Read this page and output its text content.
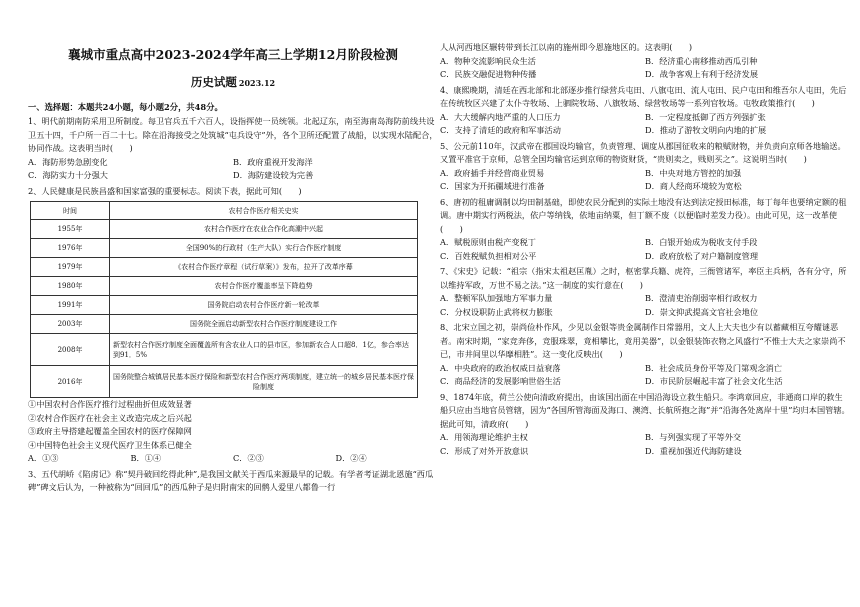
襄城市重点高中2023-2024学年高三上学期12月阶段检测
历史试题 2023.12
一、选择题：本题共24小题，每小题2分，共48分。

1、明代前期南防采用卫所制度。每卫官兵五千六百人，设指挥使一员统领。北起辽东，南至海南岛海防前线共设卫五十四，千户所一百二十七。除在沿海接受之处筑城“屯兵设守”外，各个卫所还配置了战船，以实现水陆配合，协同作战。这表明当时(　　)

A．海防形势急剧变化	B．政府重视开发海洋
C．海防实力十分强大	D．海防建设较为完善

2、人民健康是民族昌盛和国家富强的重要标志。阅读下表，据此可知(　　)

时间	农村合作医疗相关史实
1955年	农村合作医疗在农业合作化高潮中兴起
1976年	全国90%的行政村（生产大队）实行合作医疗制度
1979年	《农村合作医疗章程（试行草案）》发布，拉开了改革序幕
1980年	农村合作医疗覆盖率呈下降趋势
1991年	国务院启动农村合作医疗新一轮改革
2003年	国务院全面启动新型农村合作医疗制度建设工作
2008年	新型农村合作医疗制度全面覆盖所有含农业人口的县市区，参加新农合人口超8．1亿，参合率达到91．5%
2016年	国务院整合城镇居民基本医疗保险和新型农村合作医疗两项制度，建立统一的城乡居民基本医疗保险制度
①中国农村合作医疗推行过程曲折但成效显著
②农村合作医疗在社会主义改造完成之后兴起
③政府主导搭建起覆盖全国农村的医疗保障网
④中国特色社会主义现代医疗卫生体系已健全
A．①③	B．①④	C．②③	D．②④

3、五代胡峤《陷虏记》称“契丹破回纥得此种”,是我国文献关于西瓜来源最早的记载。有学者考证湖北恩施“西瓜碑”碑文后认为，一种被称为“回回瓜”的西瓜种子是归附南宋的回鹘人爱里八都鲁一行

人从河西地区辗转带到长江以南的施州即今恩施地区的。这表明(　　)

A．物种交流影响民众生活	B．经济重心南移推动西瓜引种
C．民族交融促进物种传播	D．战争客观上有利于经济发展

4、康熙晚期，清廷在西北部和北部逐步推行绿营兵屯田、八旗屯田、流人屯田、民户屯田和维吾尔人屯田，先后在传统牧区兴建了太仆寺牧场、上驷院牧场、八旗牧场、绿营牧场等一系列官牧场。屯牧政策推行(　　)

A．大大缓解内地严重的人口压力	B．一定程度抵御了西方列强扩张
C．支持了清廷的政府和军事活动	D．推动了游牧文明向内地的扩展

5、公元前110年，汉武帝在郡国设均输官，负责管理、调度从郡国征收来的粮赋财物，并负责向京师各地输送。又置平准官于京师，总管全国均输官运到京师的物资财货，“贵则卖之，贱则买之”。这说明当时(　　)

A．政府插手并经营商业贸易	B．中央对地方管控的加强
C．国家为开拓疆域进行准备	D．商人经商环境较为宽松

6、唐初的租庸调制以均田制基础，即使农民分配到的实际土地没有达到法定授田标准，每丁每年也要纳定额的租调。唐中期实行两税法，依户等纳钱，依地亩纳粟，但丁额不废（以便临时差发力役）。由此可见，这一改革使(　　)

A．赋税原则由税产变税丁	B．白银开始成为税收支付手段
C．百姓税赋负担相对公平	D．政府放松了对户籍制度管理

7、《宋史》记载：“祖宗（指宋太祖赵匡胤）之时，枢密掌兵籍、虎符，三衙管诸军，率臣主兵柄，各有分守，所以维持军政，万世不易之法。”这一制度的实行意在(　　)

A．整顿军队加强地方军事力量	B．澄清吏治削弱宰相行政权力
C．分权设职防止武将权力膨胀	D．崇文抑武提高文官社会地位

8、北宋立国之初，崇尚俭朴作风，少见以金银等贵金属制作日常器用，文人上大夫也少有以蓄藏相互夸耀谜恶者。南宋时期，“家竞奔侈，竞服珠翠，竟相攀比，竟用美器”，以金银装饰衣物之风盛行“不惟士大夫之家崇尚不已，市井间里以华靡相胜”。这一变化反映出(　　)

A．中央政府的政治权威日益衰落	B．社会成员身份平等及门第观念消亡
C．商品经济的发展影响世俗生活	D．市民阶层崛起丰富了社会文化生活

9、1874年底，荷兰公使向清政府提出，由该国出面在中国沿海设立救生船只。李鸿章回应，非通商口岸的救生船只应由当地官员管辖，因为“各国所管海面及海口、澳湾、长航所抱之海”并“沿海各处离岸十里”均归本国管辖。据此可知，清政府(　　)

A．用领海理论维护主权	B．与列强实现了平等外交
C．形成了对外开放意识	D．重视加强近代海防建设
